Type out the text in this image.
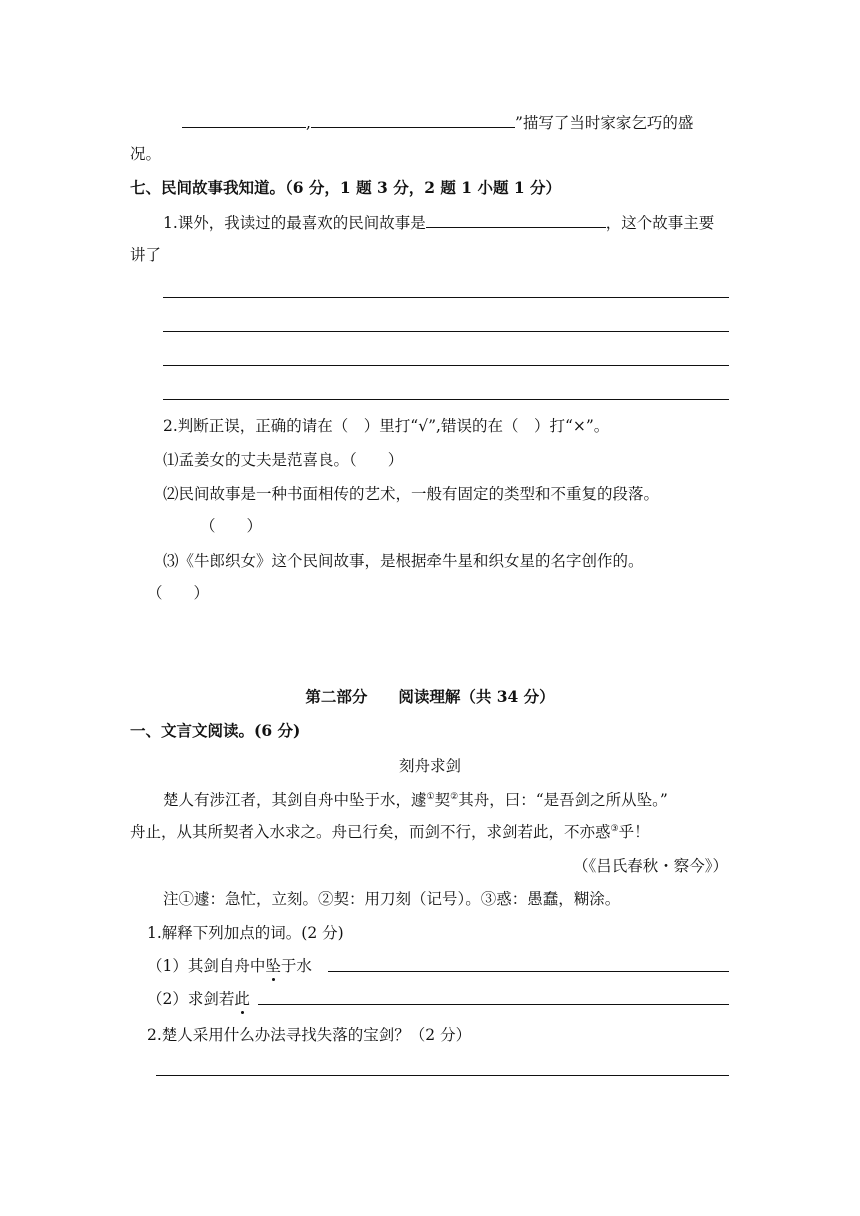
,	”描写了当时家家乞巧的盛
况。
七、民间故事我知道。（6 分，1 题 3 分，2 题 1 小题 1 分）
1.课外，我读过的最喜欢的民间故事是	，这个故事主要
讲了
2.判断正误，正确的请在（　）里打“√”,错误的在（　）打“×”。
⑴孟姜女的丈夫是范喜良。（　　）
⑵民间故事是一种书面相传的艺术，一般有固定的类型和不重复的段落。
（　　）
⑶《牛郎织女》这个民间故事，是根据牵牛星和织女星的名字创作的。
（　　）
第二部分　　阅读理解（共 34 分）
一、文言文阅读。(6 分)
刻舟求剑
楚人有涉江者，其剑自舟中坠于水，遽①契②其舟，曰：“是吾剑之所从坠。”
舟止，从其所契者入水求之。舟已行矣，而剑不行，求剑若此，不亦惑③乎！
（《吕氏春秋・察今》）
注①遽：急忙，立刻。②契：用刀刻（记号）。③惑：愚蠢，糊涂。
1.解释下列加点的词。(2 分)
（1）其剑自舟中坠于水
（2）求剑若此
2.楚人采用什么办法寻找失落的宝剑？（2 分）
